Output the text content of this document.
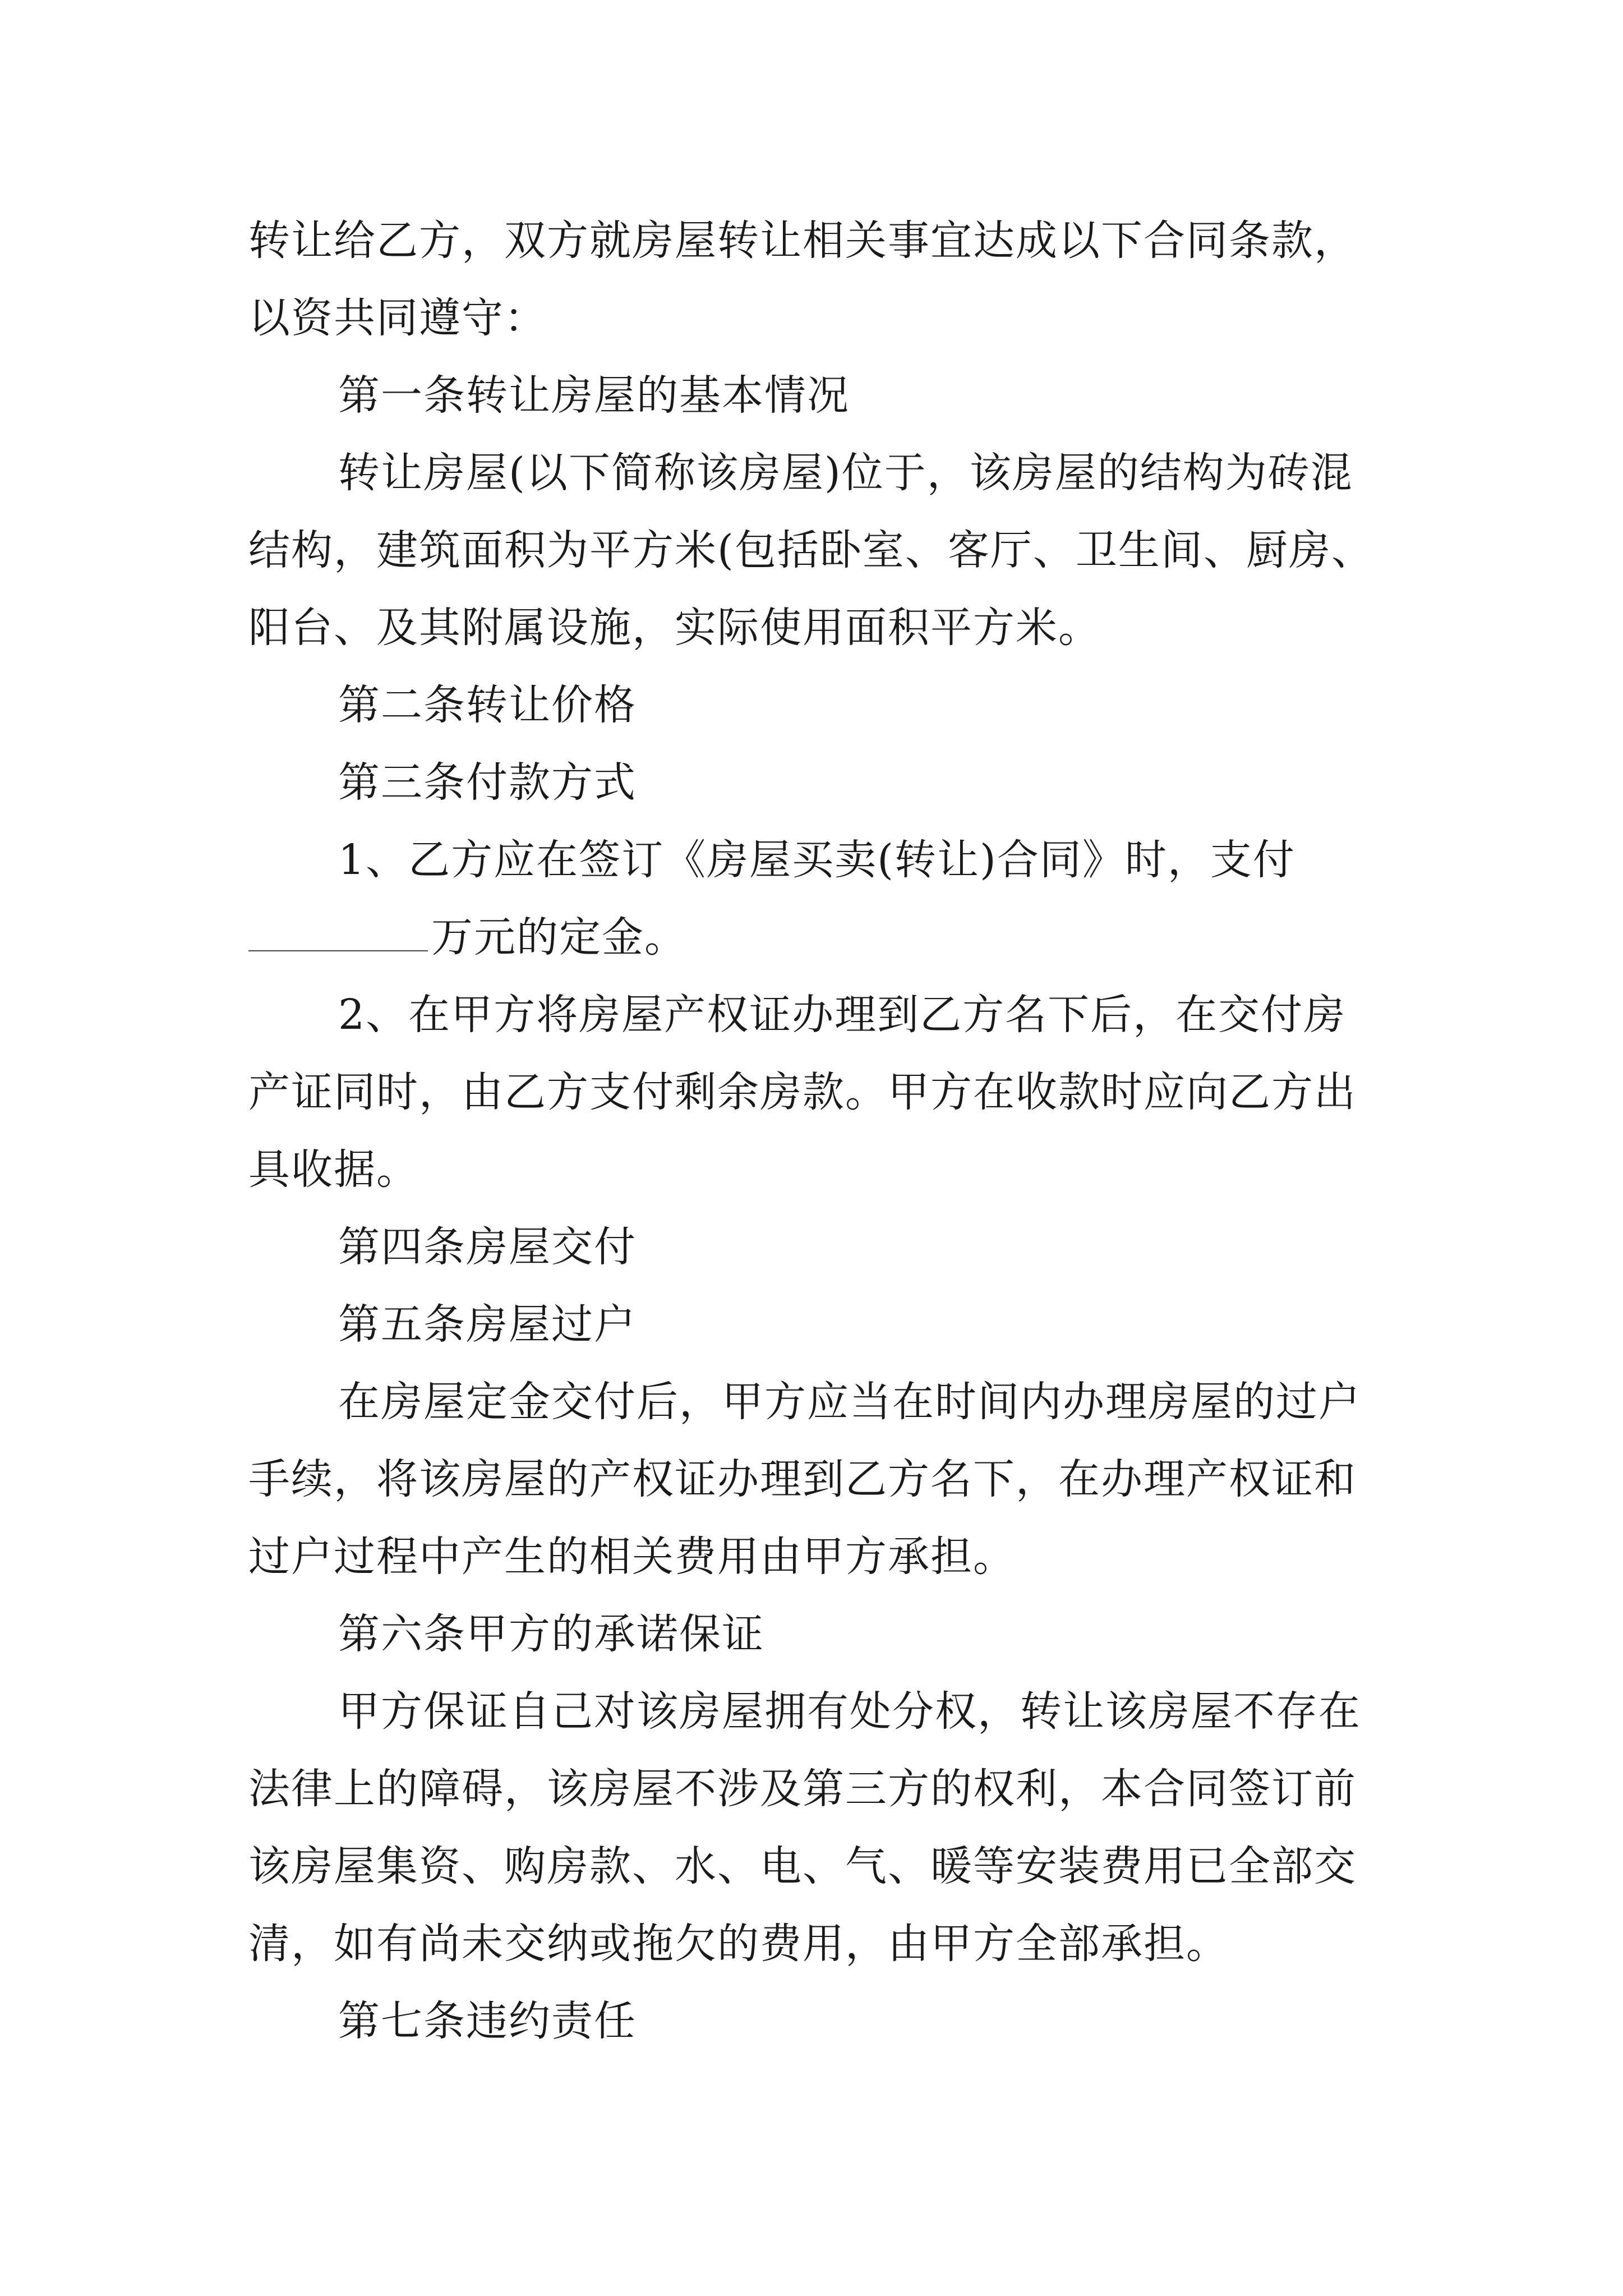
转让给乙方，双方就房屋转让相关事宜达成以下合同条款，
以资共同遵守：
第一条转让房屋的基本情况
转让房屋(以下简称该房屋)位于，该房屋的结构为砖混
结构，建筑面积为平方米(包括卧室、客厅、卫生间、厨房、
阳台、及其附属设施，实际使用面积平方米。
第二条转让价格
第三条付款方式
1、乙方应在签订《房屋买卖(转让)合同》时，支付
万元的定金。
2、在甲方将房屋产权证办理到乙方名下后，在交付房
产证同时，由乙方支付剩余房款。甲方在收款时应向乙方出
具收据。
第四条房屋交付
第五条房屋过户
在房屋定金交付后，甲方应当在时间内办理房屋的过户
手续，将该房屋的产权证办理到乙方名下，在办理产权证和
过户过程中产生的相关费用由甲方承担。
第六条甲方的承诺保证
甲方保证自己对该房屋拥有处分权，转让该房屋不存在
法律上的障碍，该房屋不涉及第三方的权利，本合同签订前
该房屋集资、购房款、水、电、气、暖等安装费用已全部交
清，如有尚未交纳或拖欠的费用，由甲方全部承担。
第七条违约责任
